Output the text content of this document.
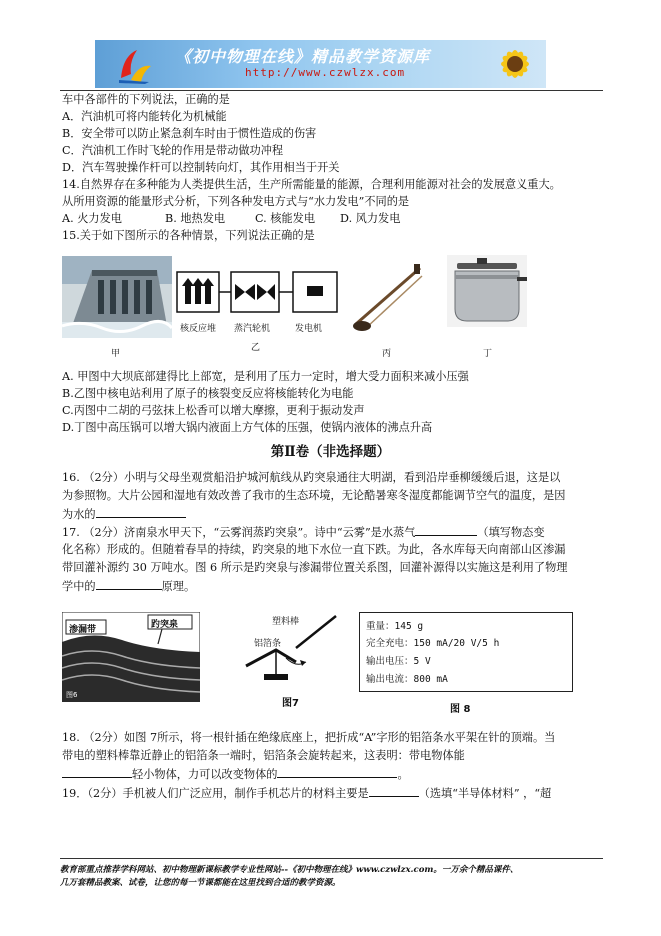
《初中物理在线》精品教学资源库
http://www.czwlzx.com
车中各部件的下列说法，正确的是
A．汽油机可将内能转化为机械能
B．安全带可以防止紧急刹车时由于惯性造成的伤害
C．汽油机工作时飞轮的作用是带动做功冲程
D．汽车驾驶操作杆可以控制转向灯，其作用相当于开关
14.自然界存在多种能为人类提供生活，生产所需能量的能源，合理利用能源对社会的发展意义重大。
从所用资源的能量形式分析，下列各种发电方式与“水力发电”不同的是
A. 火力发电	B. 地热发电	C. 核能发电 D. 风力发电
15.关于如下图所示的各种情景，下列说法正确的是
甲
核反应堆 蒸汽轮机	发电机
乙
丙	丁
A. 甲图中大坝底部建得比上部宽，是利用了压力一定时，增大受力面积来减小压强
B.乙图中核电站利用了原子的核裂变反应将核能转化为电能
C.丙图中二胡的弓弦抹上松香可以增大摩擦，更利于振动发声
D.丁图中高压锅可以增大锅内液面上方气体的压强，使锅内液体的沸点升高
第Ⅱ卷（非选择题）
16. （2分）小明与父母坐观赏船沿护城河航线从趵突泉通往大明湖，看到沿岸垂柳缓缓后退，这是以
为参照物。大片公园和湿地有效改善了我市的生态环境，无论酷暑寒冬湿度都能调节空气的温度，是因
为水的
17. （2分）济南泉水甲天下，“云雾润蒸趵突泉”。诗中“云雾”是水蒸气	（填写物态变
化名称）形成的。但随着春旱的持续，趵突泉的地下水位一直下跌。为此，各水库每天向南部山区渗漏
带回灌补源约 30 万吨水。图 6 所示是趵突泉与渗漏带位置关系图，回灌补源得以实施这是利用了物理
学中的	原理。
渗漏带	趵突泉
图6
塑料棒
铝箔条
图7
重量：145 g
完全充电：150 mA/20 V/5 h
输出电压：5 V
输出电流：800 mA
图 8
18. （2分）如图 7所示，将一根针插在绝缘底座上，把折成“A”字形的铝箔条水平架在针的顶端。当
带电的塑料棒靠近静止的铝箔条一端时，铝箔条会旋转起来，这表明：带电物体能
轻小物体，力可以改变物体的	。
19．（2分）手机被人们广泛应用，制作手机芯片的材料主要是	（选填“半导体材料” ，“超
教育部重点推荐学科网站、初中物理新课标教学专业性网站--《初中物理在线》www.czwlzx.com。一万余个精品课件、
几万套精品教案、试卷，让您的每一节课都能在这里找到合适的教学资源。
